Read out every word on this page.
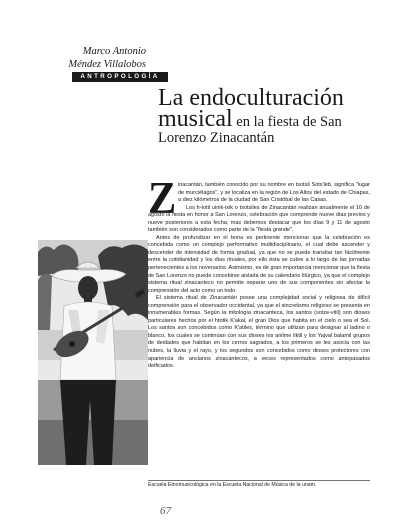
Marco Antonio
Méndez Villalobos
ANTROPOLOGÍA
La endoculturación
musical en la fiesta de San
Lorenzo Zinacantán
Z inacantán, también conocido por su nombre en tsotsil Sots'leb, significa "lugar de murciélagos", y se localiza en la región de Los Altos del estado de Chiapas, a diez kilómetros de la ciudad de San Cristóbal de las Casas.

Los h-totil uinik-ixik o tsotsiles de Zinacantán realizan anualmente el 10 de agosto la fiesta en honor a San Lorenzo, celebración que comprende nueve días previos y nueve posteriores a esta fecha; mas debemos destacar que los días 9 y 11 de agosto también son considerados como parte de la "fiesta grande".

Antes de profundizar en el tema es pertinente mencionar que la celebración es concebida como un complejo performativo multidisciplinario, el cual debe ascender y descender de intensidad de forma gradual, ya que no se puede transitar tan fácilmente entre la cotidianidad y los días rituales, por ello ésta se cubre a lo largo de las jornadas pertenecientes a los novenarios. Asimismo, es de gran importancia mencionar que la fiesta de San Lorenzo no puede concebirse aislada de su calendario litúrgico, ya que el complejo sistema ritual zinacanteco no permite separar uno de sus componentes sin afectar la comprensión del acto como un todo.

El sistema ritual de Zinacantán posee una complejidad social y religiosa de difícil comprensión para el observador occidental, ya que el sincretismo religioso se presenta en innumerables formas. Según la mitología zinacanteca, los santos (sotze-vitil) son dioses particulares hechos por el htotik K'akal, el gran Dios que habita en el cielo o sea el Sol. Los santos son concebidos como K'atiles, término que utilizan para designar al ladino o blanco, los cuales se continúan con sus dioses los anilme ilktil y los Yajval balamil grupos de deidades que habitan en los cerros sagrados, a los primeros se les asocia con las nubes, la lluvia y el rayo, y los segundos son concebidos como dioses protectores con apariencia de ancianos zinacantecos, a veces representados como antepasados deificados.

Escuela Etnomusicológica en la Escuela Nacional de Música de la unam.
67
